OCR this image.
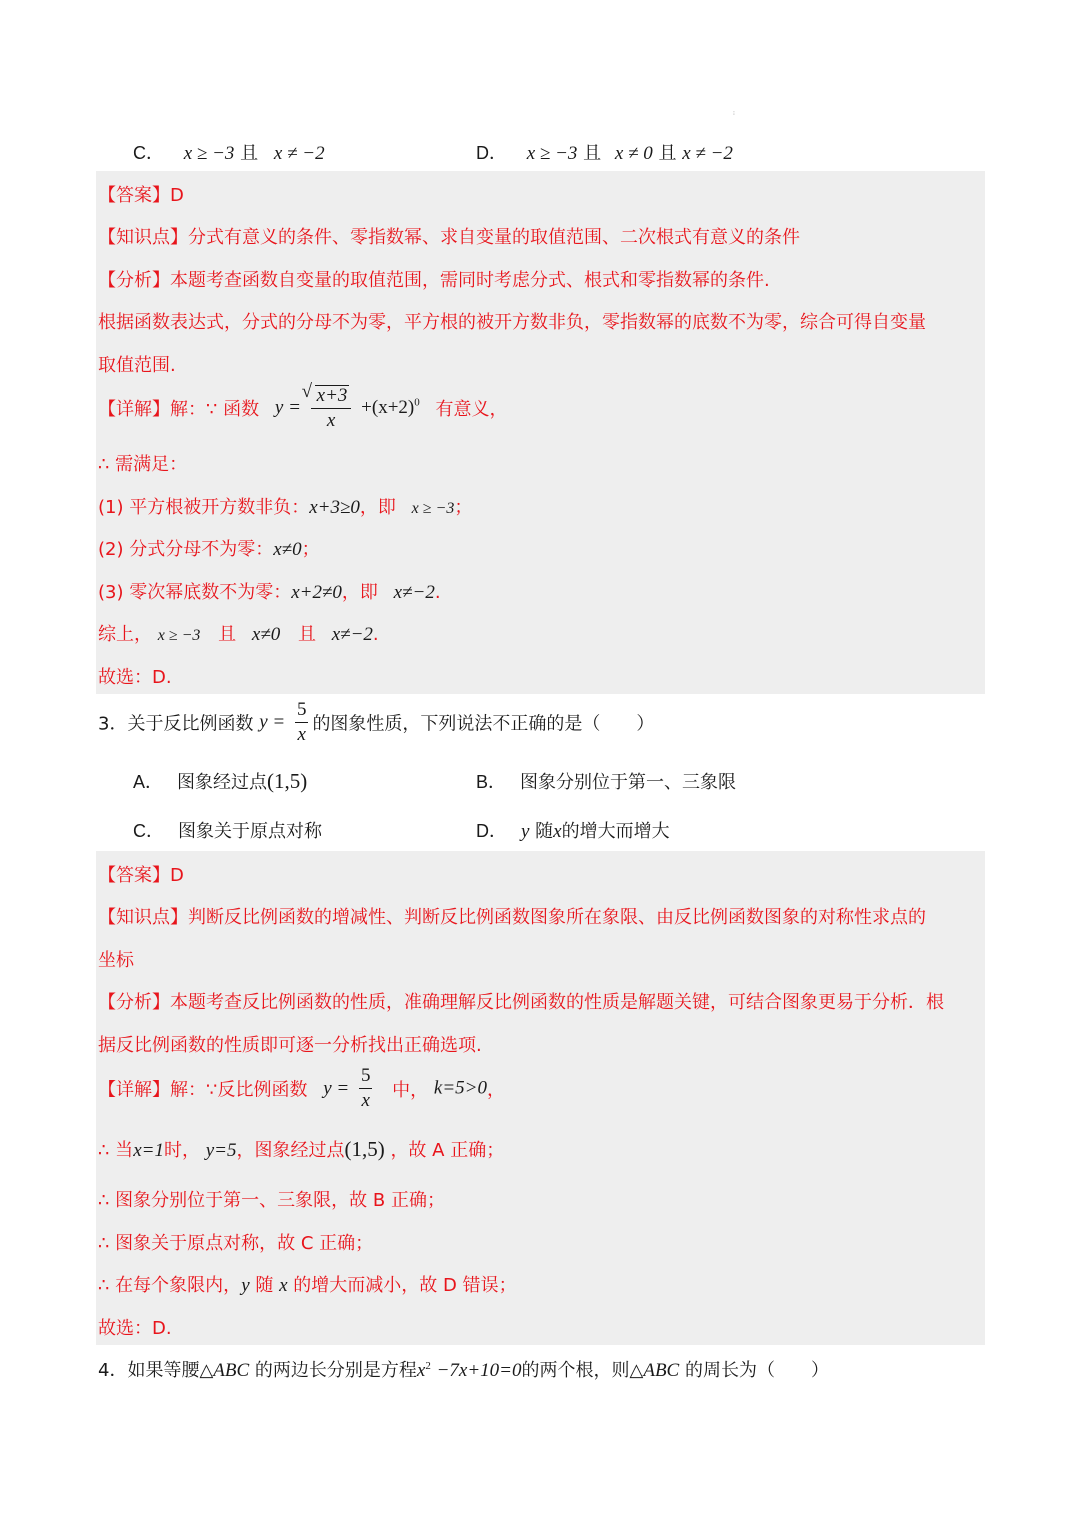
⁝
C． x ≥ −3 且 x ≠ −2	D． x ≥ −3 且 x ≠ 0 且 x ≠ −2
【答案】D
【知识点】分式有意义的条件、零指数幂、求自变量的取值范围、二次根式有意义的条件
【分析】本题考查函数自变量的取值范围，需同时考虑分式、根式和零指数幂的条件.
根据函数表达式，分式的分母不为零，平方根的被开方数非负，零指数幂的底数不为零，综合可得自变量
取值范围.
【详解】解：∵ 函数 y =
√ $\frac{x+3}{x} +(x+2)^0$ 有意义，
∴ 需满足：
(1) 平方根被开方数非负：x+3≥0，即 x ≥ −3；
(2) 分式分母不为零：x≠0；
(3) 零次幂底数不为零：x+2≠0，即 x≠−2.
综上， x ≥ −3 且 x≠0 且 x≠−2.
故选：D.
3．关于反比例函数 $y = \frac{5}{x}$ 的图象性质，下列说法不正确的是（　　）
A． 图象经过点(1,5)	B． 图象分别位于第一、三象限
C． 图象关于原点对称	D． y 随x的增大而增大
【答案】D
【知识点】判断反比例函数的增减性、判断反比例函数图象所在象限、由反比例函数图象的对称性求点的
坐标
【分析】本题考查反比例函数的性质，准确理解反比例函数的性质是解题关键，可结合图象更易于分析．根
据反比例函数的性质即可逐一分析找出正确选项.
【详解】解：∵反比例函数 $y = \frac{5}{x}$ 中， k=5>0，
∴ 当x=1时， y=5，图象经过点(1,5) ，故 A 正确；
∴ 图象分别位于第一、三象限，故 B 正确；
∴ 图象关于原点对称，故 C 正确；
∴ 在每个象限内，y 随 x 的增大而减小，故 D 错误；
故选：D.
4．如果等腰△ABC 的两边长分别是方程$x^2 -7x+10=0$的两个根，则△ABC 的周长为（　　）
